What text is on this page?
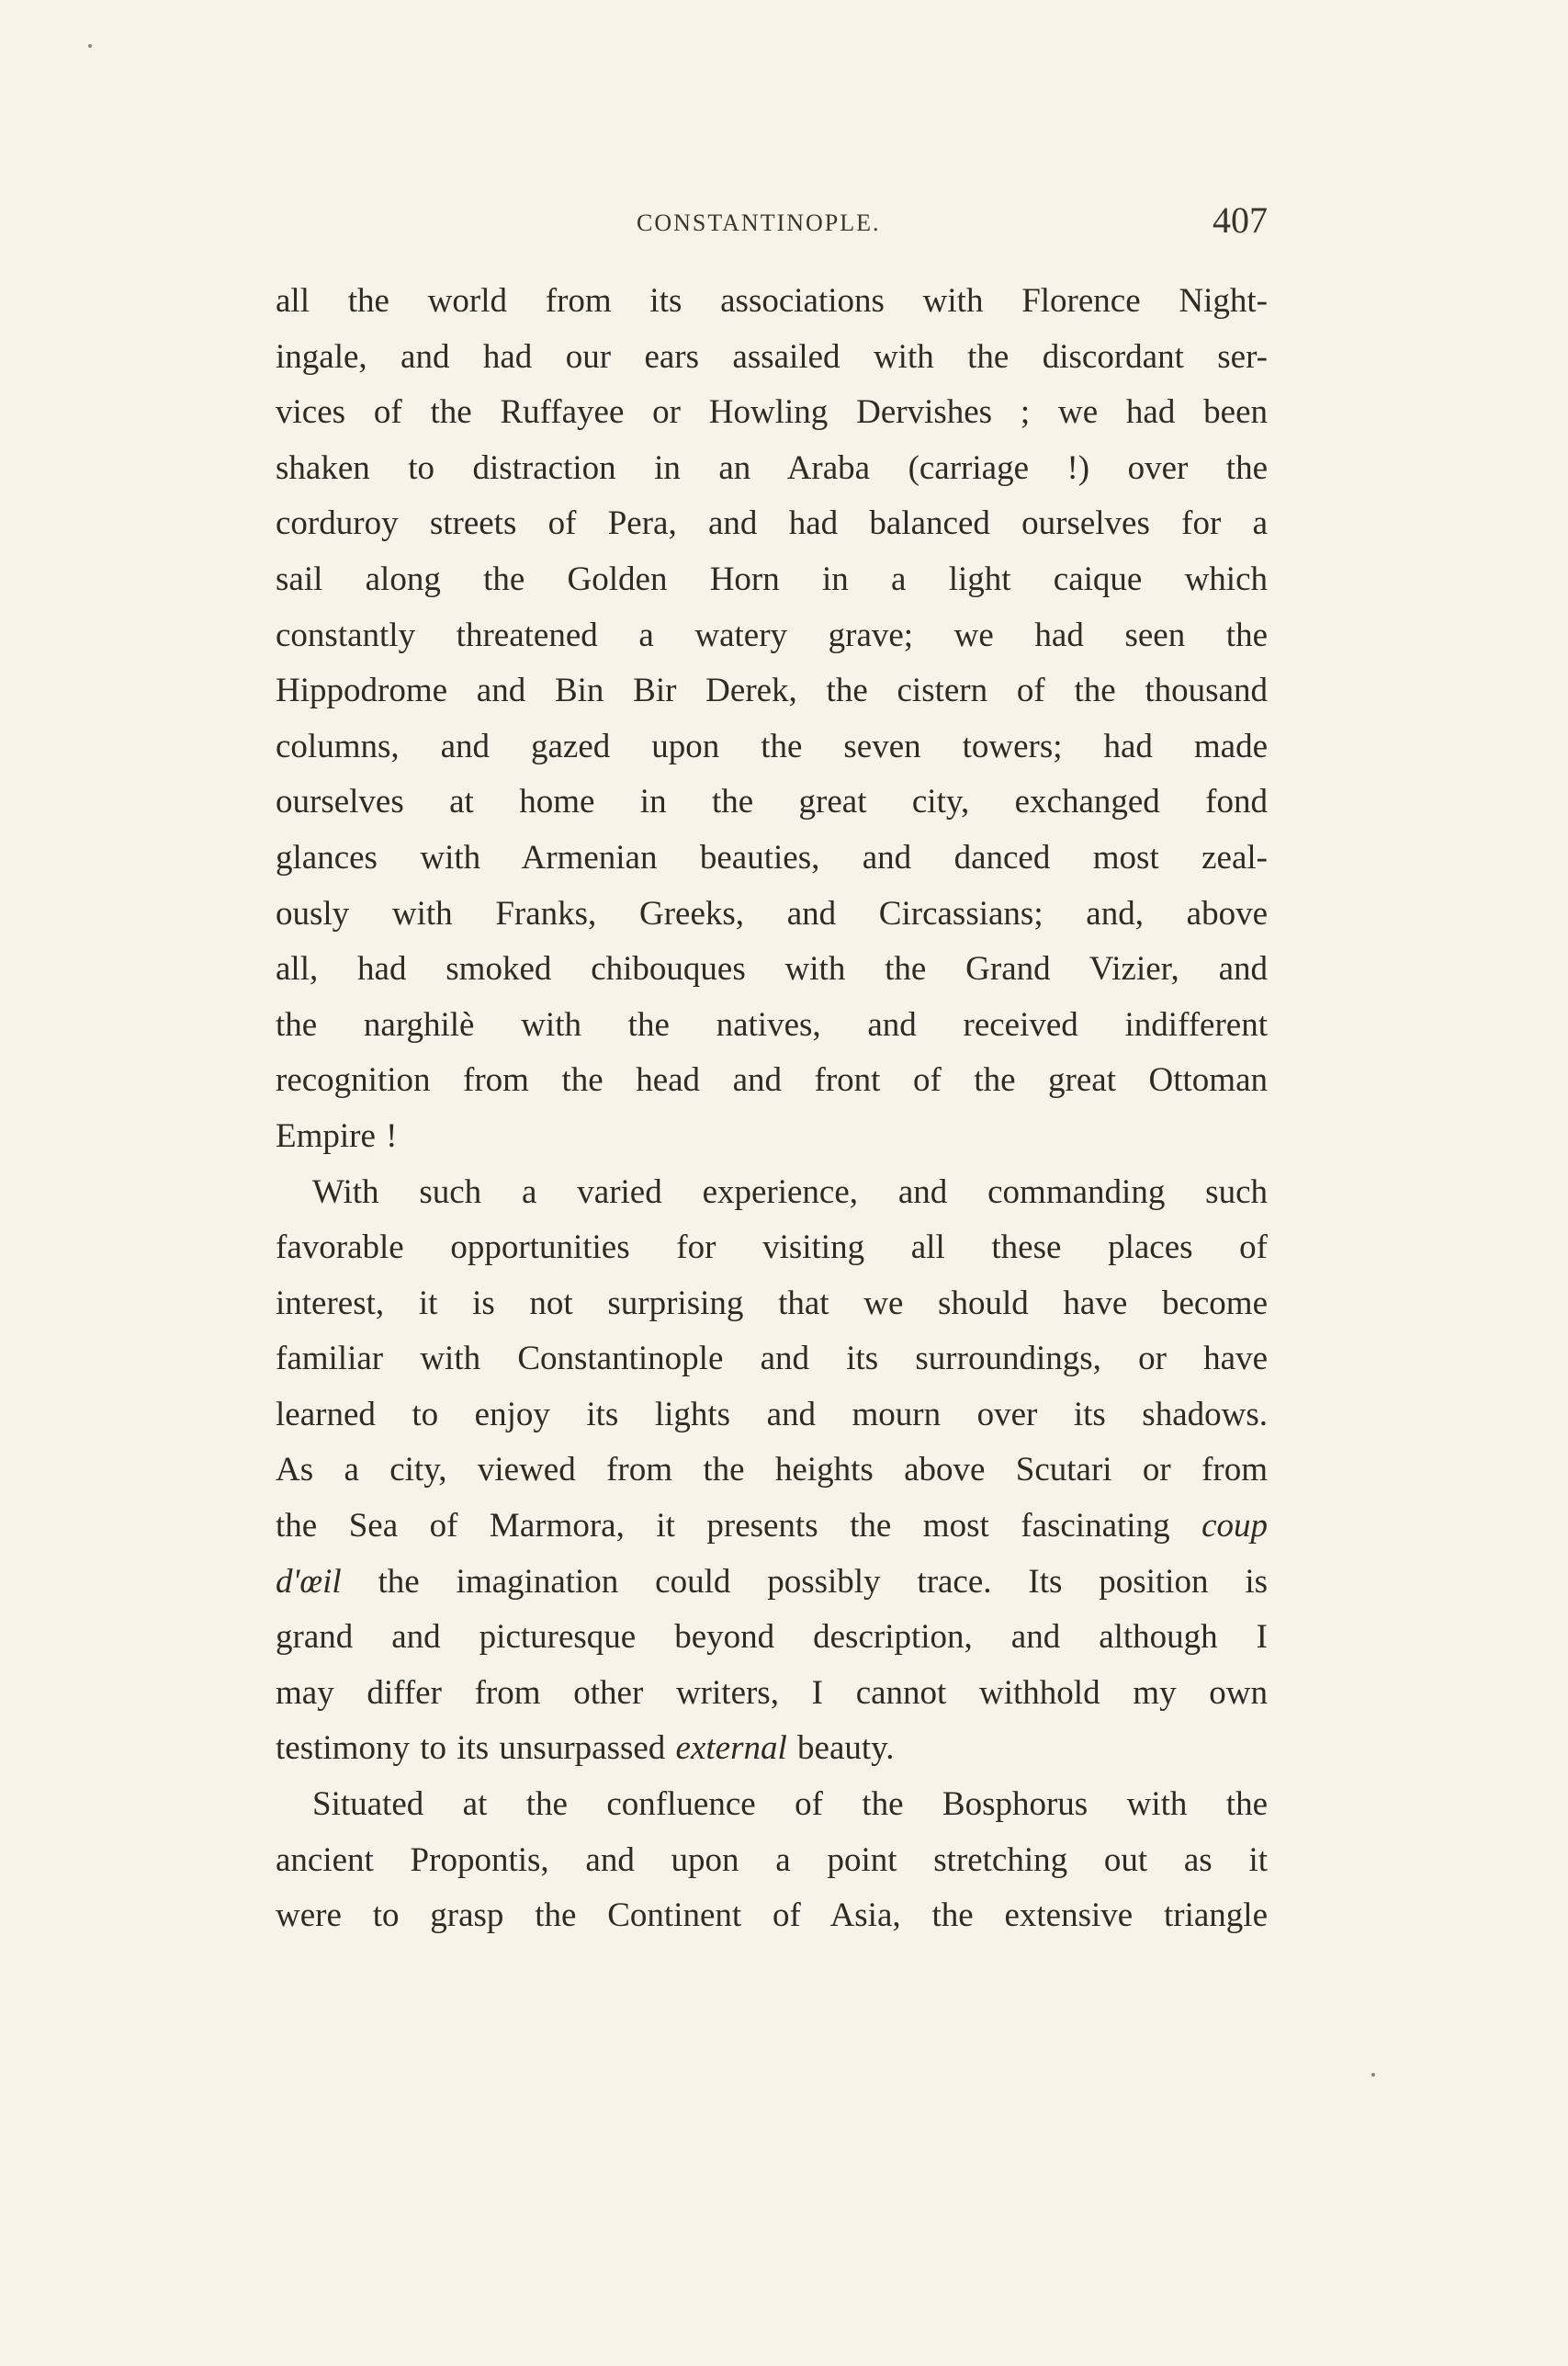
CONSTANTINOPLE.	407
all the world from its associations with Florence Night-
ingale, and had our ears assailed with the discordant ser-
vices of the Ruffayee or Howling Dervishes ; we had been
shaken to distraction in an Araba (carriage !) over the
corduroy streets of Pera, and had balanced ourselves for a
sail along the Golden Horn in a light caique which
constantly threatened a watery grave; we had seen the
Hippodrome and Bin Bir Derek, the cistern of the thousand
columns, and gazed upon the seven towers; had made
ourselves at home in the great city, exchanged fond
glances with Armenian beauties, and danced most zeal-
ously with Franks, Greeks, and Circassians; and, above
all, had smoked chibouques with the Grand Vizier, and
the narghilè with the natives, and received indifferent
recognition from the head and front of the great Ottoman
Empire !
With such a varied experience, and commanding such
favorable opportunities for visiting all these places of
interest, it is not surprising that we should have become
familiar with Constantinople and its surroundings, or have
learned to enjoy its lights and mourn over its shadows.
As a city, viewed from the heights above Scutari or from
the Sea of Marmora, it presents the most fascinating coup
d'œil the imagination could possibly trace. Its position is
grand and picturesque beyond description, and although I
may differ from other writers, I cannot withhold my own
testimony to its unsurpassed external beauty.
Situated at the confluence of the Bosphorus with the
ancient Propontis, and upon a point stretching out as it
were to grasp the Continent of Asia, the extensive triangle
